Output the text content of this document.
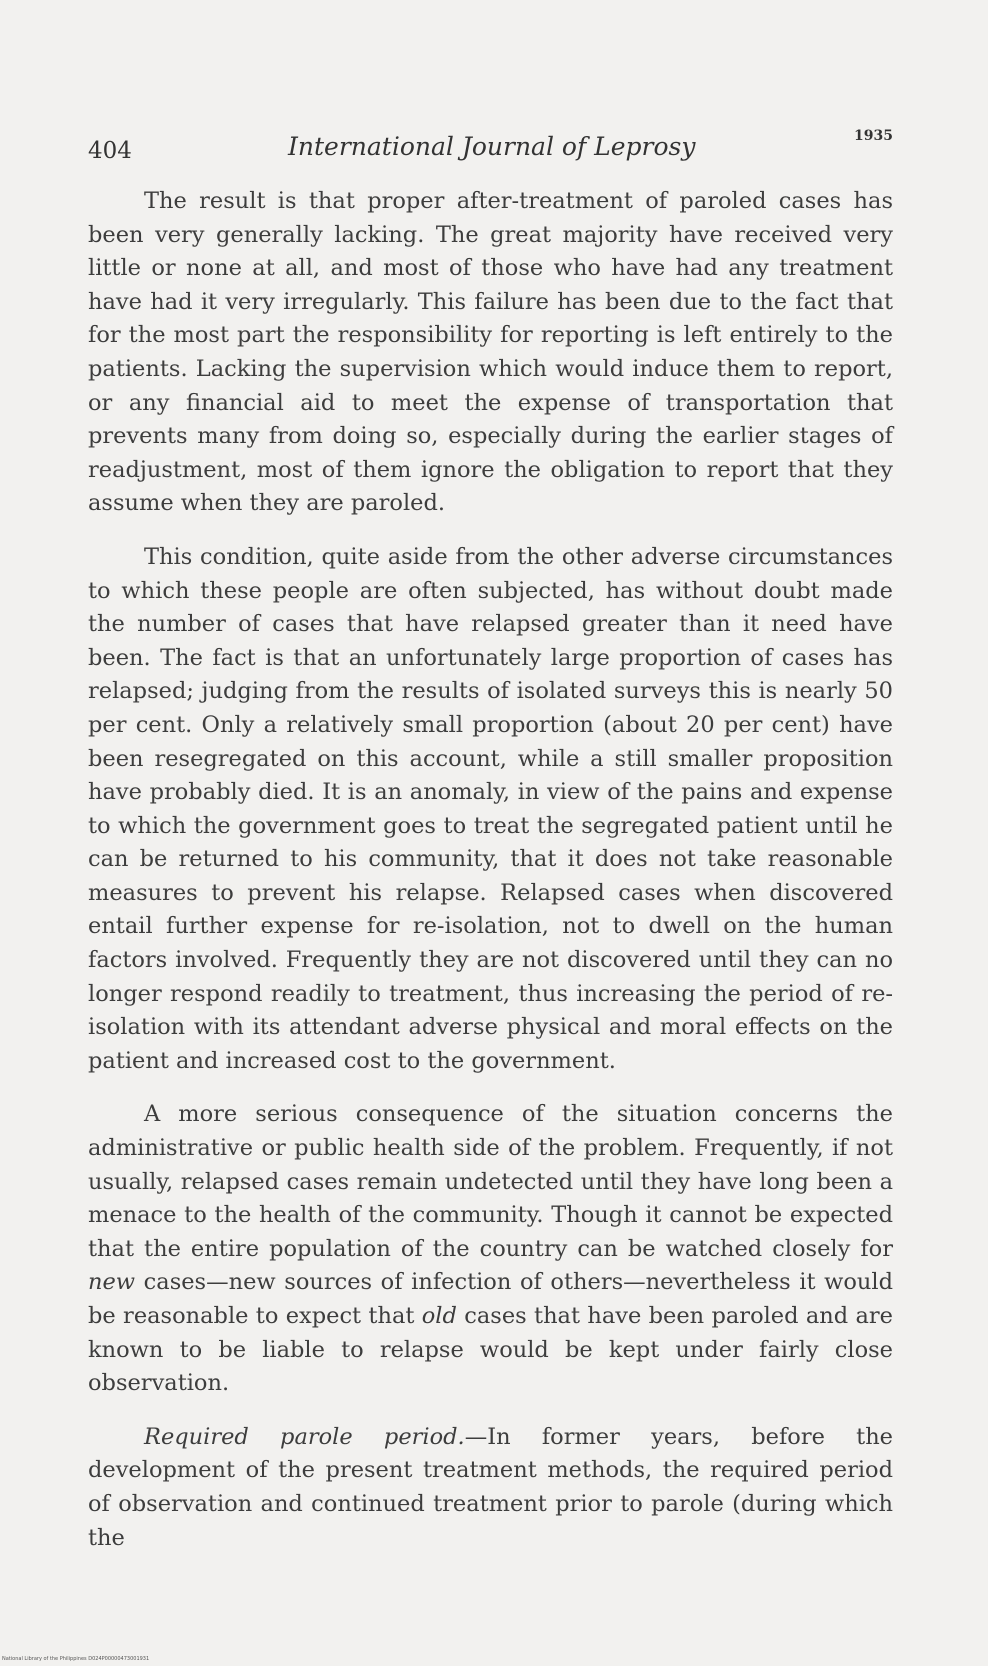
404	International Journal of Leprosy	1935

The result is that proper after-treatment of paroled cases has been very generally lacking. The great majority have received very little or none at all, and most of those who have had any treatment have had it very irregularly. This failure has been due to the fact that for the most part the responsibility for reporting is left entirely to the patients. Lacking the supervision which would induce them to report, or any financial aid to meet the expense of transportation that prevents many from doing so, especially during the earlier stages of readjustment, most of them ignore the obligation to report that they assume when they are paroled.

This condition, quite aside from the other adverse circumstances to which these people are often subjected, has without doubt made the number of cases that have relapsed greater than it need have been. The fact is that an unfortunately large proportion of cases has relapsed; judging from the results of isolated surveys this is nearly 50 per cent. Only a relatively small proportion (about 20 per cent) have been resegregated on this account, while a still smaller proposition have probably died. It is an anomaly, in view of the pains and expense to which the government goes to treat the segregated patient until he can be returned to his community, that it does not take reasonable measures to prevent his relapse. Relapsed cases when discovered entail further expense for re-isolation, not to dwell on the human factors involved. Frequently they are not discovered until they can no longer respond readily to treatment, thus increasing the period of re-isolation with its attendant adverse physical and moral effects on the patient and increased cost to the government.

A more serious consequence of the situation concerns the administrative or public health side of the problem. Frequently, if not usually, relapsed cases remain undetected until they have long been a menace to the health of the community. Though it cannot be expected that the entire population of the country can be watched closely for new cases—new sources of infection of others—nevertheless it would be reasonable to expect that old cases that have been paroled and are known to be liable to relapse would be kept under fairly close observation.

Required parole period.—In former years, before the development of the present treatment methods, the required period of observation and continued treatment prior to parole (during which the

National Library of the Philippines D024P00000473001931
